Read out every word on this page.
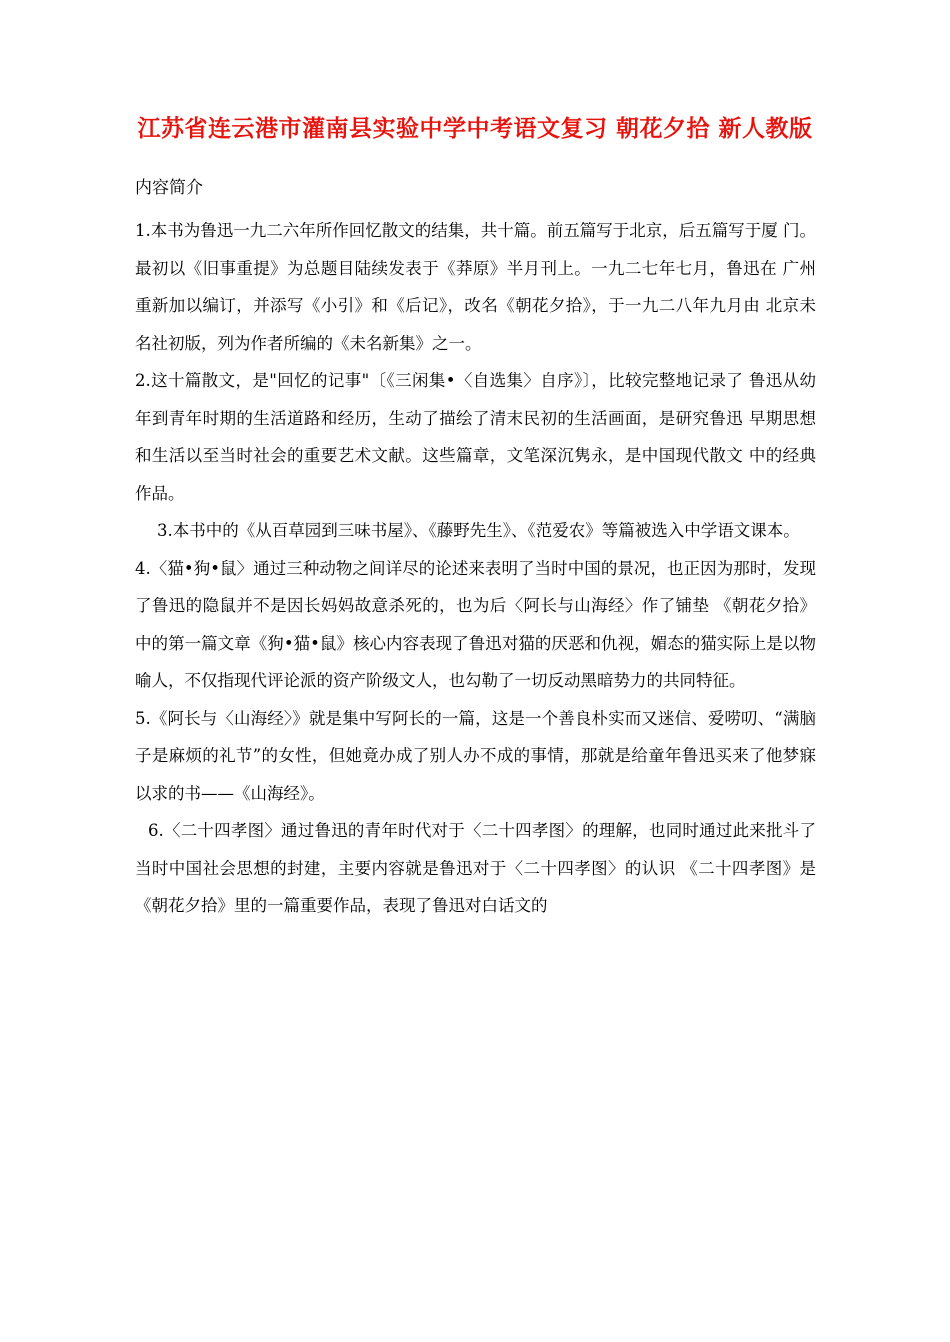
江苏省连云港市灌南县实验中学中考语文复习 朝花夕拾 新人教版

内容简介

1.本书为鲁迅一九二六年所作回忆散文的结集，共十篇。前五篇写于北京，后五篇写于厦 门。最初以《旧事重提》为总题目陆续发表于《莽原》半月刊上。一九二七年七月，鲁迅在 广州重新加以编订，并添写《小引》和《后记》，改名《朝花夕拾》，于一九二八年九月由 北京未名社初版，列为作者所编的《未名新集》之一。

2.这十篇散文，是"回忆的记事"〔《三闲集•〈自选集〉自序》〕，比较完整地记录了 鲁迅从幼年到青年时期的生活道路和经历，生动了描绘了清末民初的生活画面，是研究鲁迅 早期思想和生活以至当时社会的重要艺术文献。这些篇章，文笔深沉隽永，是中国现代散文 中的经典作品。

3.本书中的《从百草园到三味书屋》、《藤野先生》、《范爱农》等篇被选入中学语文课本。

4.〈猫•狗•鼠〉通过三种动物之间详尽的论述来表明了当时中国的景况，也正因为那时，发现了鲁迅的隐鼠并不是因长妈妈故意杀死的，也为后〈阿长与山海经〉作了铺垫 《朝花夕拾》中的第一篇文章《狗•猫•鼠》核心内容表现了鲁迅对猫的厌恶和仇视，媚态的猫实际上是以物喻人，不仅指现代评论派的资产阶级文人，也勾勒了一切反动黑暗势力的共同特征。

5.《阿长与〈山海经〉》就是集中写阿长的一篇，这是一个善良朴实而又迷信、爱唠叨、“满脑子是麻烦的礼节”的女性，但她竟办成了别人办不成的事情，那就是给童年鲁迅买来了他梦寐以求的书——《山海经》。

6.〈二十四孝图〉通过鲁迅的青年时代对于〈二十四孝图〉的理解，也同时通过此来批斗了当时中国社会思想的封建，主要内容就是鲁迅对于〈二十四孝图〉的认识 《二十四孝图》是《朝花夕拾》里的一篇重要作品，表现了鲁迅对白话文的
